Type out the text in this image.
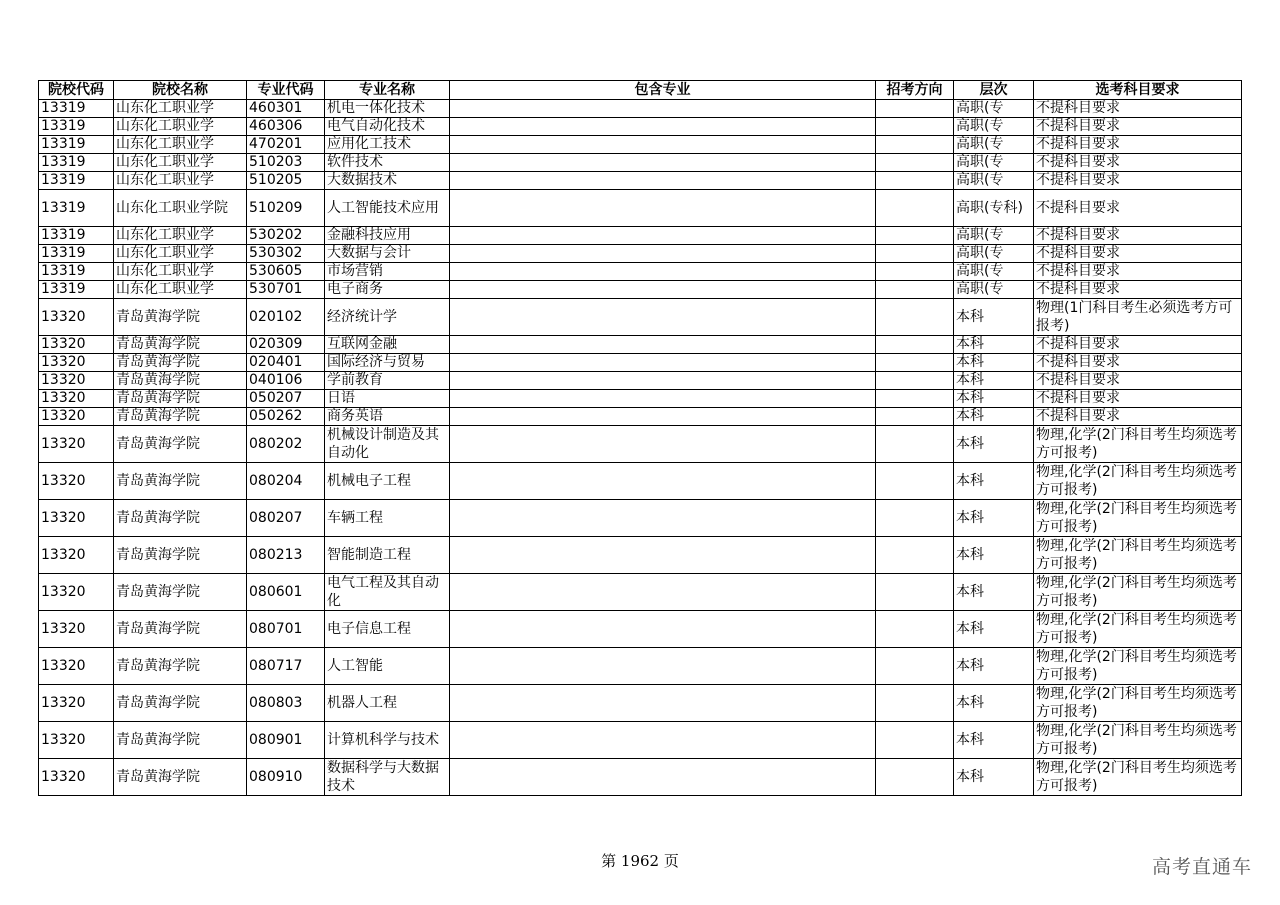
院校代码	院校名称	专业代码	专业名称	包含专业	招考方向	层次	选考科目要求
13319	山东化工职业学	460301	机电一体化技术			高职(专	不提科目要求
13319	山东化工职业学	460306	电气自动化技术			高职(专	不提科目要求
13319	山东化工职业学	470201	应用化工技术			高职(专	不提科目要求
13319	山东化工职业学	510203	软件技术			高职(专	不提科目要求
13319	山东化工职业学	510205	大数据技术			高职(专	不提科目要求
13319	山东化工职业学院	510209	人工智能技术应用			高职(专科)	不提科目要求
13319	山东化工职业学	530202	金融科技应用			高职(专	不提科目要求
13319	山东化工职业学	530302	大数据与会计			高职(专	不提科目要求
13319	山东化工职业学	530605	市场营销			高职(专	不提科目要求
13319	山东化工职业学	530701	电子商务			高职(专	不提科目要求
13320	青岛黄海学院	020102	经济统计学			本科	物理(1门科目考生必须选考方可报考)
13320	青岛黄海学院	020309	互联网金融			本科	不提科目要求
13320	青岛黄海学院	020401	国际经济与贸易			本科	不提科目要求
13320	青岛黄海学院	040106	学前教育			本科	不提科目要求
13320	青岛黄海学院	050207	日语			本科	不提科目要求
13320	青岛黄海学院	050262	商务英语			本科	不提科目要求
13320	青岛黄海学院	080202	机械设计制造及其自动化			本科	物理,化学(2门科目考生均须选考方可报考)
13320	青岛黄海学院	080204	机械电子工程			本科	物理,化学(2门科目考生均须选考方可报考)
13320	青岛黄海学院	080207	车辆工程			本科	物理,化学(2门科目考生均须选考方可报考)
13320	青岛黄海学院	080213	智能制造工程			本科	物理,化学(2门科目考生均须选考方可报考)
13320	青岛黄海学院	080601	电气工程及其自动化			本科	物理,化学(2门科目考生均须选考方可报考)
13320	青岛黄海学院	080701	电子信息工程			本科	物理,化学(2门科目考生均须选考方可报考)
13320	青岛黄海学院	080717	人工智能			本科	物理,化学(2门科目考生均须选考方可报考)
13320	青岛黄海学院	080803	机器人工程			本科	物理,化学(2门科目考生均须选考方可报考)
13320	青岛黄海学院	080901	计算机科学与技术			本科	物理,化学(2门科目考生均须选考方可报考)
13320	青岛黄海学院	080910	数据科学与大数据技术			本科	物理,化学(2门科目考生均须选考方可报考)
第 1962 页	高考直通车
